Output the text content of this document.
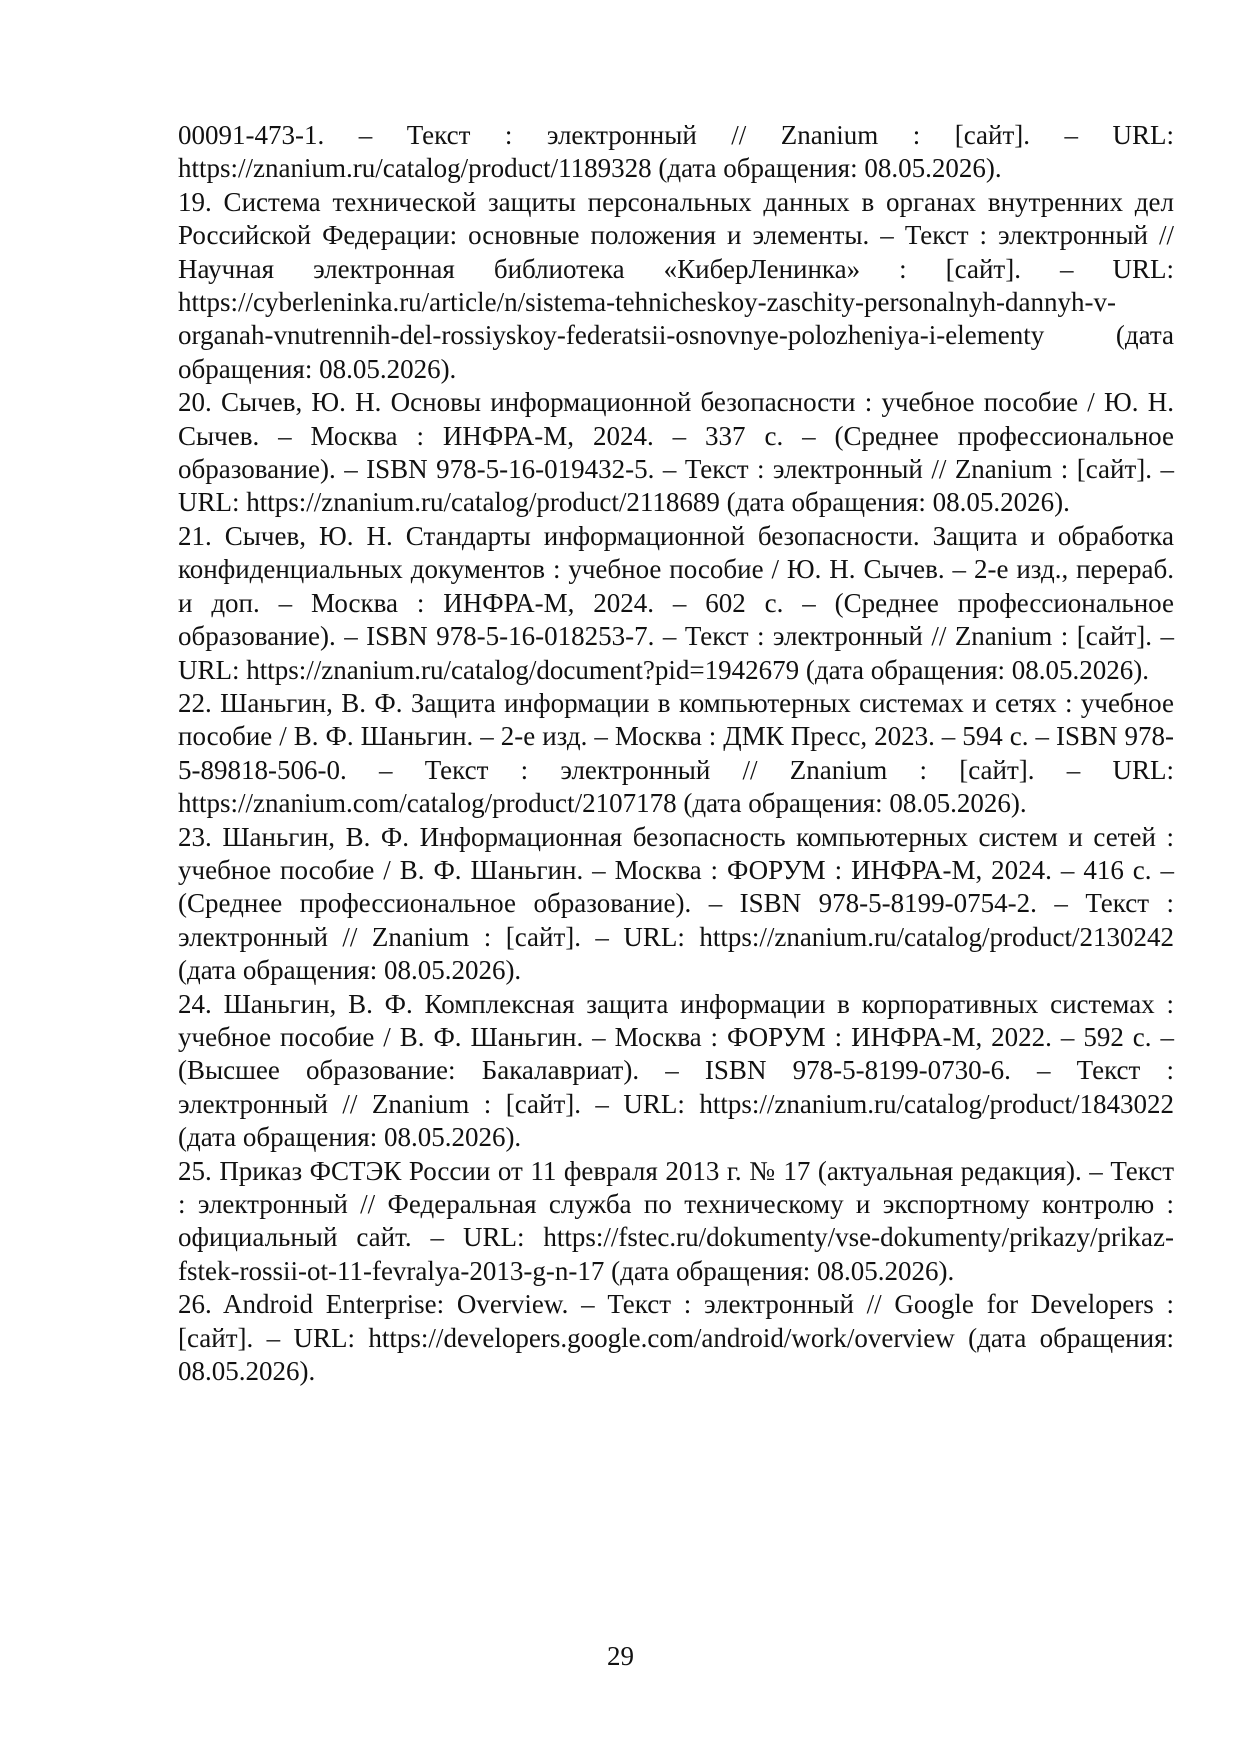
00091-473-1. – Текст : электронный // Znanium : [сайт]. – URL: https://znanium.ru/catalog/product/1189328 (дата обращения: 08.05.2026).

19. Система технической защиты персональных данных в органах внутренних дел Российской Федерации: основные положения и элементы. – Текст : электронный // Научная электронная библиотека «КиберЛенинка» : [сайт]. – URL: https://cyberleninka.ru/article/n/sistema-tehnicheskoy-zaschity-personalnyh-dannyh-v-organah-vnutrennih-del-rossiyskoy-federatsii-osnovnye-polozheniya-i-elementy (дата обращения: 08.05.2026).

20. Сычев, Ю. Н. Основы информационной безопасности : учебное пособие / Ю. Н. Сычев. – Москва : ИНФРА-М, 2024. – 337 с. – (Среднее профессиональное образование). – ISBN 978-5-16-019432-5. – Текст : электронный // Znanium : [сайт]. – URL: https://znanium.ru/catalog/product/2118689 (дата обращения: 08.05.2026).

21. Сычев, Ю. Н. Стандарты информационной безопасности. Защита и обработка конфиденциальных документов : учебное пособие / Ю. Н. Сычев. – 2-е изд., перераб. и доп. – Москва : ИНФРА-М, 2024. – 602 с. – (Среднее профессиональное образование). – ISBN 978-5-16-018253-7. – Текст : электронный // Znanium : [сайт]. – URL: https://znanium.ru/catalog/document?pid=1942679 (дата обращения: 08.05.2026).

22. Шаньгин, В. Ф. Защита информации в компьютерных системах и сетях : учебное пособие / В. Ф. Шаньгин. – 2-е изд. – Москва : ДМК Пресс, 2023. – 594 с. – ISBN 978-5-89818-506-0. – Текст : электронный // Znanium : [сайт]. – URL: https://znanium.com/catalog/product/2107178 (дата обращения: 08.05.2026).

23. Шаньгин, В. Ф. Информационная безопасность компьютерных систем и сетей : учебное пособие / В. Ф. Шаньгин. – Москва : ФОРУМ : ИНФРА-М, 2024. – 416 с. – (Среднее профессиональное образование). – ISBN 978-5-8199-0754-2. – Текст : электронный // Znanium : [сайт]. – URL: https://znanium.ru/catalog/product/2130242 (дата обращения: 08.05.2026).

24. Шаньгин, В. Ф. Комплексная защита информации в корпоративных системах : учебное пособие / В. Ф. Шаньгин. – Москва : ФОРУМ : ИНФРА-М, 2022. – 592 с. – (Высшее образование: Бакалавриат). – ISBN 978-5-8199-0730-6. – Текст : электронный // Znanium : [сайт]. – URL: https://znanium.ru/catalog/product/1843022 (дата обращения: 08.05.2026).

25. Приказ ФСТЭК России от 11 февраля 2013 г. № 17 (актуальная редакция). – Текст : электронный // Федеральная служба по техническому и экспортному контролю : официальный сайт. – URL: https://fstec.ru/dokumenty/vse-dokumenty/prikazy/prikaz-fstek-rossii-ot-11-fevralya-2013-g-n-17 (дата обращения: 08.05.2026).

26. Android Enterprise: Overview. – Текст : электронный // Google for Developers : [сайт]. – URL: https://developers.google.com/android/work/overview (дата обращения: 08.05.2026).

29
